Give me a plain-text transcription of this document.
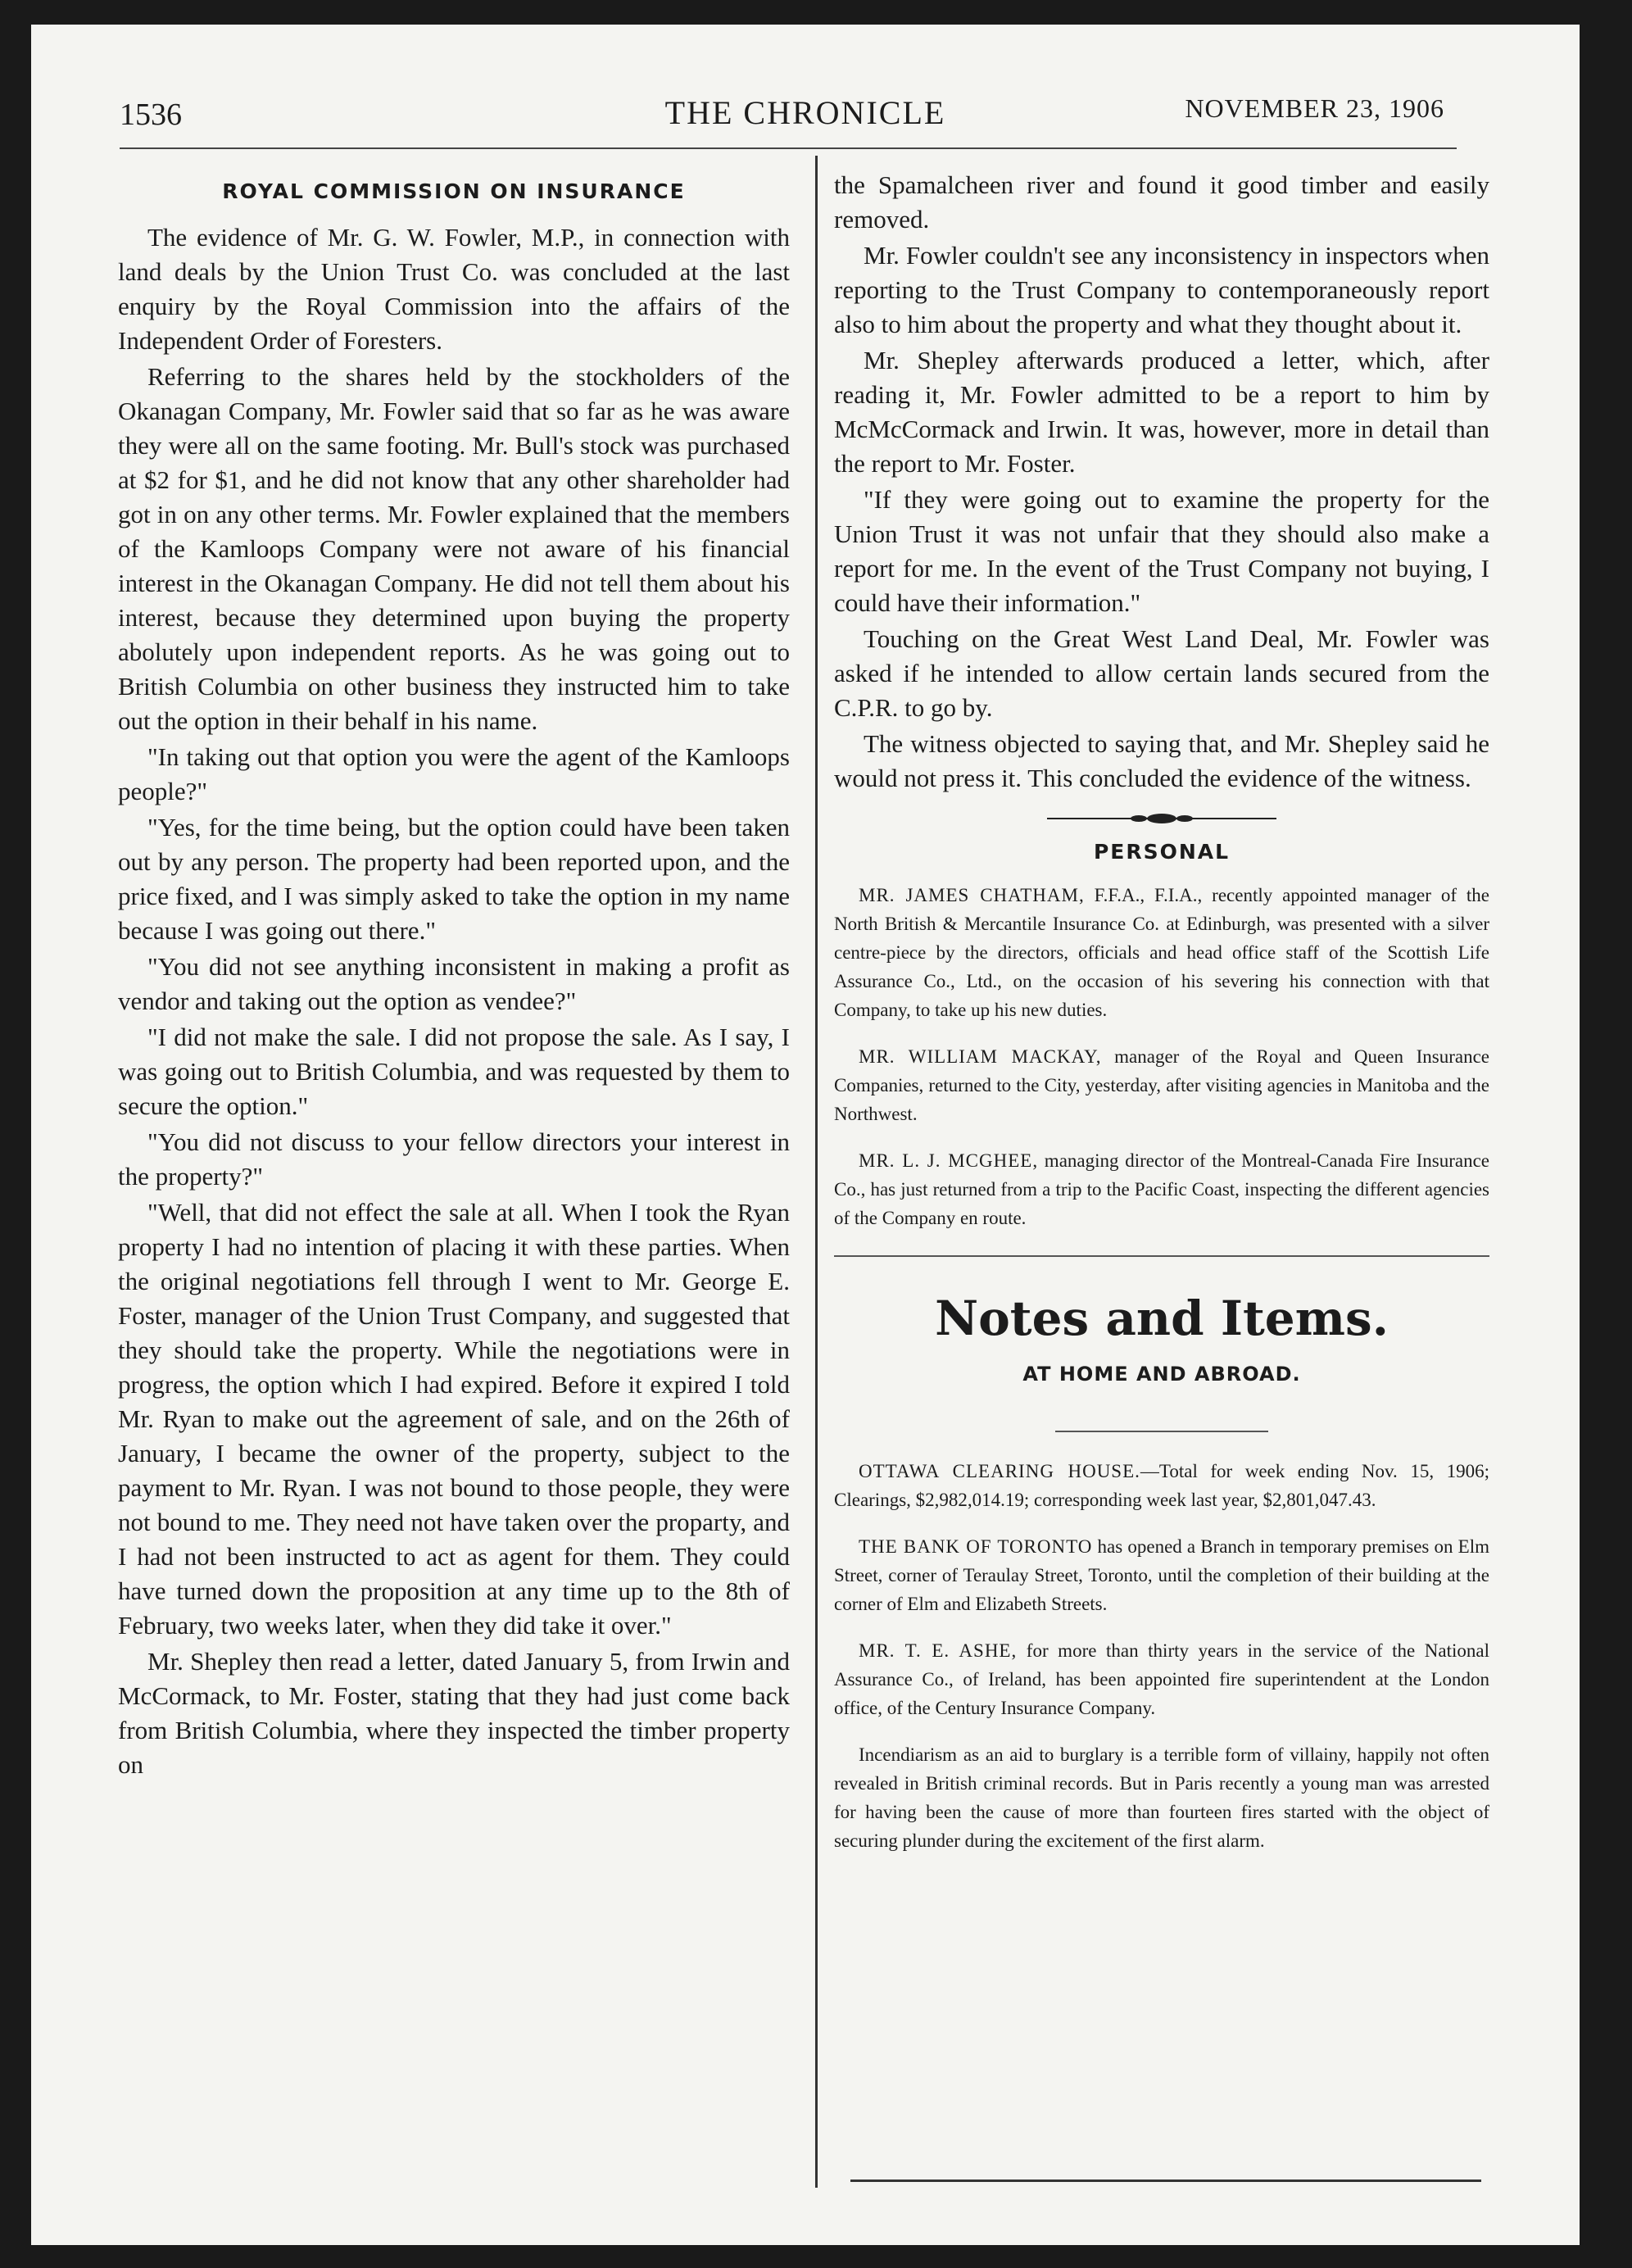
1536	THE CHRONICLE	NOVEMBER 23, 1906
ROYAL COMMISSION ON INSURANCE

The evidence of Mr. G. W. Fowler, M.P., in connection with land deals by the Union Trust Co. was concluded at the last enquiry by the Royal Commission into the affairs of the Independent Order of Foresters.

Referring to the shares held by the stockholders of the Okanagan Company, Mr. Fowler said that so far as he was aware they were all on the same footing. Mr. Bull's stock was purchased at $2 for $1, and he did not know that any other shareholder had got in on any other terms. Mr. Fowler explained that the members of the Kamloops Company were not aware of his financial interest in the Okanagan Company. He did not tell them about his interest, because they determined upon buying the property abolutely upon independent reports. As he was going out to British Columbia on other business they instructed him to take out the option in their behalf in his name.

"In taking out that option you were the agent of the Kamloops people?"

"Yes, for the time being, but the option could have been taken out by any person. The property had been reported upon, and the price fixed, and I was simply asked to take the option in my name because I was going out there."

"You did not see anything inconsistent in making a profit as vendor and taking out the option as vendee?"

"I did not make the sale. I did not propose the sale. As I say, I was going out to British Columbia, and was requested by them to secure the option."

"You did not discuss to your fellow directors your interest in the property?"

"Well, that did not effect the sale at all. When I took the Ryan property I had no intention of placing it with these parties. When the original negotiations fell through I went to Mr. George E. Foster, manager of the Union Trust Company, and suggested that they should take the property. While the negotiations were in progress, the option which I had expired. Before it expired I told Mr. Ryan to make out the agreement of sale, and on the 26th of January, I became the owner of the property, subject to the payment to Mr. Ryan. I was not bound to those people, they were not bound to me. They need not have taken over the proparty, and I had not been instructed to act as agent for them. They could have turned down the proposition at any time up to the 8th of February, two weeks later, when they did take it over."

Mr. Shepley then read a letter, dated January 5, from Irwin and McCormack, to Mr. Foster, stating that they had just come back from British Columbia, where they inspected the timber property on

the Spamalcheen river and found it good timber and easily removed.

Mr. Fowler couldn't see any inconsistency in inspectors when reporting to the Trust Company to contemporaneously report also to him about the property and what they thought about it.

Mr. Shepley afterwards produced a letter, which, after reading it, Mr. Fowler admitted to be a report to him by McMcCormack and Irwin. It was, however, more in detail than the report to Mr. Foster.

"If they were going out to examine the property for the Union Trust it was not unfair that they should also make a report for me. In the event of the Trust Company not buying, I could have their information."

Touching on the Great West Land Deal, Mr. Fowler was asked if he intended to allow certain lands secured from the C.P.R. to go by.

The witness objected to saying that, and Mr. Shepley said he would not press it. This concluded the evidence of the witness.

PERSONAL

MR. JAMES CHATHAM, F.F.A., F.I.A., recently appointed manager of the North British & Mercantile Insurance Co. at Edinburgh, was presented with a silver centre-piece by the directors, officials and head office staff of the Scottish Life Assurance Co., Ltd., on the occasion of his severing his connection with that Company, to take up his new duties.

MR. WILLIAM MACKAY, manager of the Royal and Queen Insurance Companies, returned to the City, yesterday, after visiting agencies in Manitoba and the Northwest.

MR. L. J. MCGHEE, managing director of the Montreal-Canada Fire Insurance Co., has just returned from a trip to the Pacific Coast, inspecting the different agencies of the Company en route.

Notes and Items.
AT HOME AND ABROAD.

OTTAWA CLEARING HOUSE.—Total for week ending Nov. 15, 1906; Clearings, $2,982,014.19; corresponding week last year, $2,801,047.43.

THE BANK OF TORONTO has opened a Branch in temporary premises on Elm Street, corner of Teraulay Street, Toronto, until the completion of their building at the corner of Elm and Elizabeth Streets.

MR. T. E. ASHE, for more than thirty years in the service of the National Assurance Co., of Ireland, has been appointed fire superintendent at the London office, of the Century Insurance Company.

Incendiarism as an aid to burglary is a terrible form of villainy, happily not often revealed in British criminal records. But in Paris recently a young man was arrested for having been the cause of more than fourteen fires started with the object of securing plunder during the excitement of the first alarm.
